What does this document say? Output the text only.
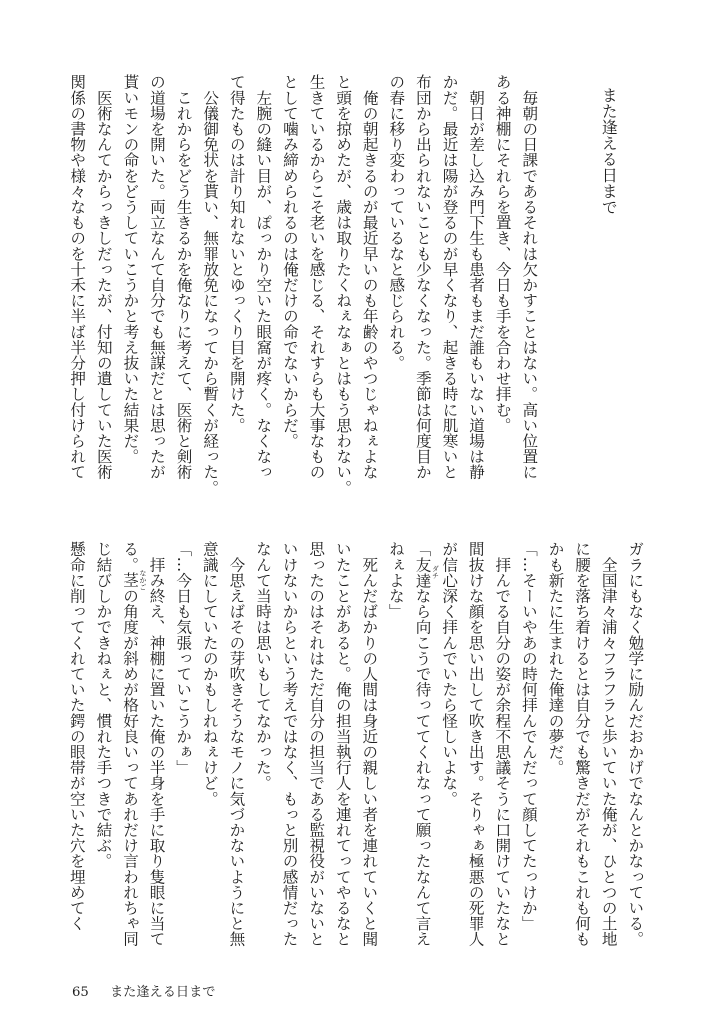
また逢える日まで
　毎朝の日課であるそれは欠かすことはない。高い位置に
ある神棚にそれらを置き、今日も手を合わせ拝む。
　朝日が差し込み門下生も患者もまだ誰もいない道場は静
かだ。最近は陽が登るのが早くなり、起きる時に肌寒いと
布団から出られないことも少なくなった。季節は何度目か
の春に移り変わっているなと感じられる。
　俺の朝起きるのが最近早いのも年齢のやつじゃねぇよな
と頭を掠めたが、歳は取りたくねぇなぁとはもう思わない。
生きているからこそ老いを感じる、それすらも大事なもの
として噛み締められるのは俺だけの命でないからだ。
　左腕の縫い目が、ぽっかり空いた眼窩が疼く。なくなっ
て得たものは計り知れないとゆっくり目を開けた。
　公儀御免状を貰い、無罪放免になってから暫くが経った。
　これからをどう生きるかを俺なりに考えて、医術と剣術
の道場を開いた。両立なんて自分でも無謀だとは思ったが
貰いモンの命をどうしていこうかと考え抜いた結果だ。
　医術なんてからっきしだったが、付知の遺していた医術
関係の書物や様々なものを十禾に半ば半分押し付けられて
ガラにもなく勉学に励んだおかげでなんとかなっている。
　全国津々浦々フラフラと歩いていた俺が、ひとつの土地
に腰を落ち着けるとは自分でも驚きだがそれもこれも何も
かも新たに生まれた俺達の夢だ。
「…そーいやあの時何拝んでんだって顔してたっけか」
　拝んでる自分の姿が余程不思議そうに口開けていたなと
間抜けな顔を思い出して吹き出す。そりゃぁ極悪の死罪人
が信心深く拝んでいたら怪しいよな。
「友達 ダチ
なら向こうで待っててくれなって願ったなんて言え
ねぇよな」
　死んだばかりの人間は身近の親しい者を連れていくと聞
いたことがあると。俺の担当執行人を連れてってやるなと
思ったのはそれはただ自分の担当である監視役がいないと
いけないからという考えではなく、もっと別の感情だった
なんて当時は思いもしてなかった。
　今思えばその芽吹きそうなモノに気づかないようにと無
意識にしていたのかもしれねぇけど。
「…今日も気張っていこうかぁ」
　拝み終え、神棚に置いた俺の半身を手に取り隻眼に当て
る。茎 なかご
の角度が斜めが格好良いってあれだけ言われちゃ同
じ結びしかできねぇと、慣れた手つきで結ぶ。
懸命に削ってくれていた鍔の眼帯が空いた穴を埋めてく
65 また逢える日まで
